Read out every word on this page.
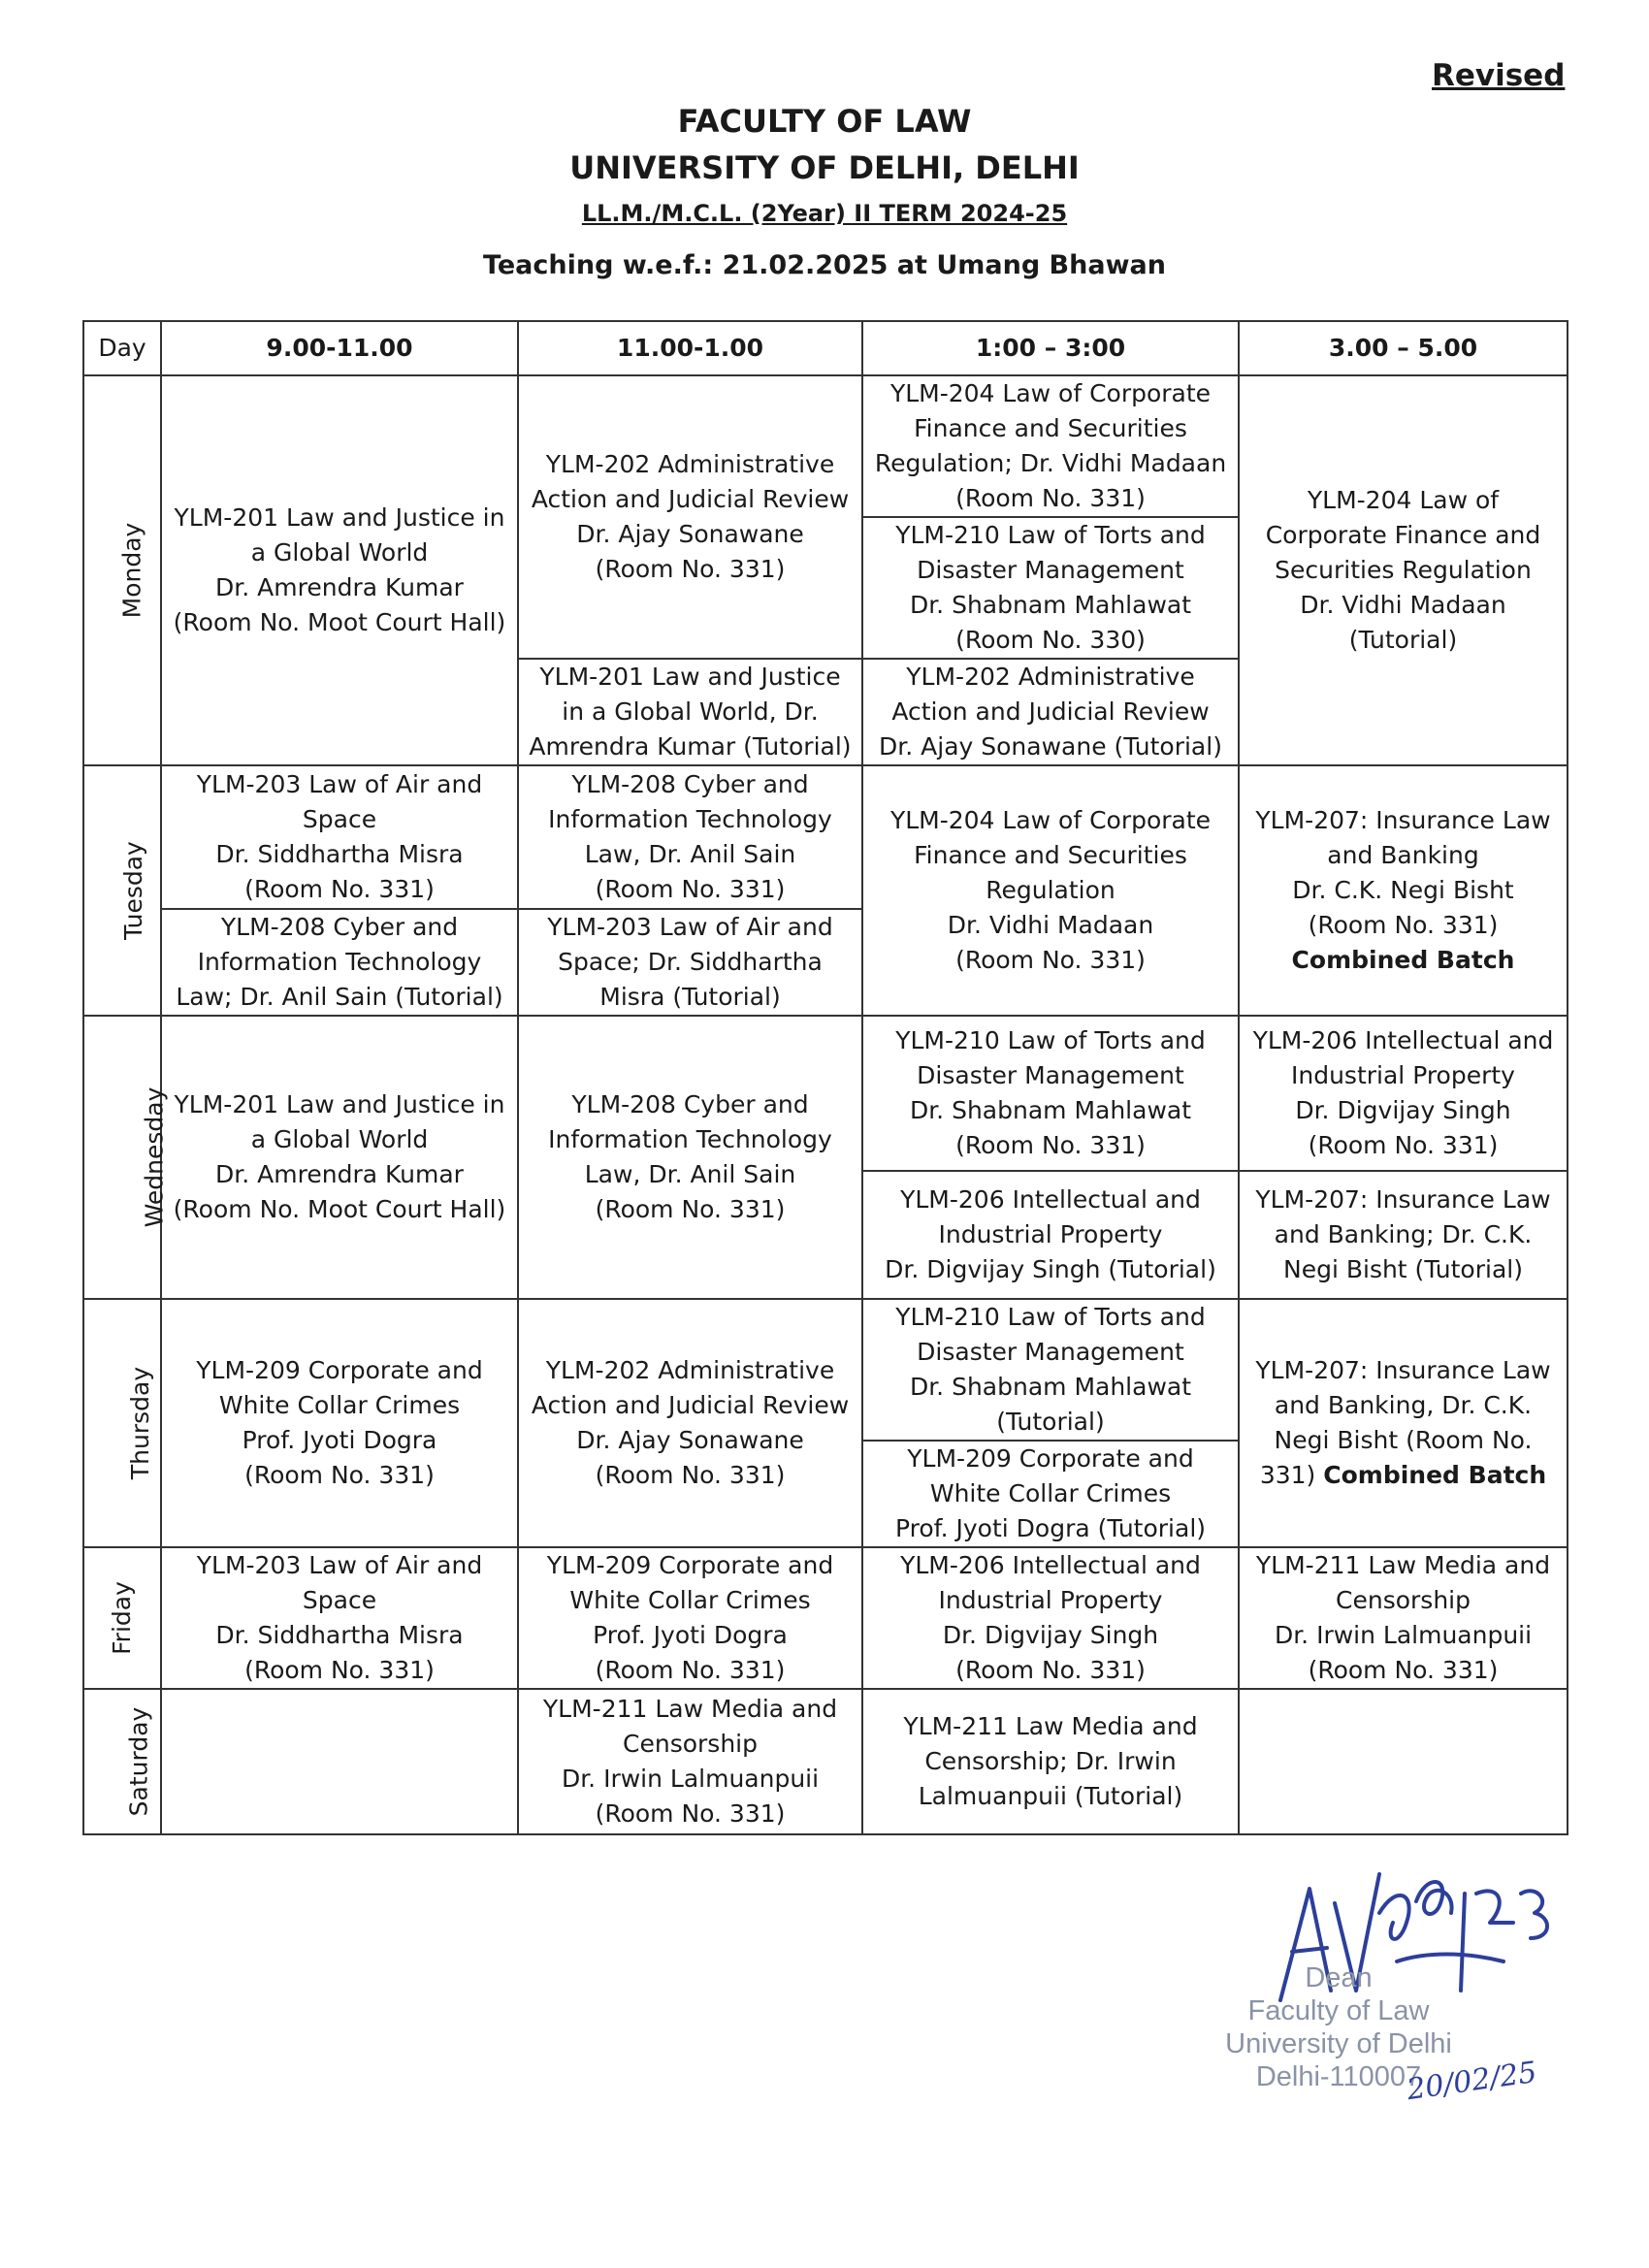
Revised
FACULTY OF LAW
UNIVERSITY OF DELHI, DELHI
LL.M./M.C.L. (2Year) II TERM 2024-25
Teaching w.e.f.: 21.02.2025 at Umang Bhawan
Day	9.00-11.00	11.00-1.00	1:00 – 3:00	3.00 – 5.00
Monday	YLM-201 Law and Justice in
a Global World
Dr. Amrendra Kumar
(Room No. Moot Court Hall)	YLM-202 Administrative
Action and Judicial Review
Dr. Ajay Sonawane
(Room No. 331)	YLM-204 Law of Corporate
Finance and Securities
Regulation; Dr. Vidhi Madaan
(Room No. 331)	YLM-204 Law of
Corporate Finance and
Securities Regulation
Dr. Vidhi Madaan
(Tutorial)

			YLM-210 Law of Torts and
Disaster Management
Dr. Shabnam Mahlawat
(Room No. 330)	

		YLM-201 Law and Justice
in a Global World, Dr.
Amrendra Kumar (Tutorial)	YLM-202 Administrative
Action and Judicial Review
Dr. Ajay Sonawane (Tutorial)	

Tuesday	YLM-203 Law of Air and
Space
Dr. Siddhartha Misra
(Room No. 331)	YLM-208 Cyber and
Information Technology
Law, Dr. Anil Sain
(Room No. 331)	YLM-204 Law of Corporate
Finance and Securities
Regulation
Dr. Vidhi Madaan
(Room No. 331)	YLM-207: Insurance Law
and Banking
Dr. C.K. Negi Bisht
(Room No. 331)
Combined Batch

	YLM-208 Cyber and
Information Technology
Law; Dr. Anil Sain (Tutorial)	YLM-203 Law of Air and
Space; Dr. Siddhartha
Misra (Tutorial)		

Wednesday	YLM-201 Law and Justice in
a Global World
Dr. Amrendra Kumar
(Room No. Moot Court Hall)	YLM-208 Cyber and
Information Technology
Law, Dr. Anil Sain
(Room No. 331)	YLM-210 Law of Torts and
Disaster Management
Dr. Shabnam Mahlawat
(Room No. 331)	YLM-206 Intellectual and
Industrial Property
Dr. Digvijay Singh
(Room No. 331)

			YLM-206 Intellectual and
Industrial Property
Dr. Digvijay Singh (Tutorial)	YLM-207: Insurance Law
and Banking; Dr. C.K.
Negi Bisht (Tutorial)

Thursday	YLM-209 Corporate and
White Collar Crimes
Prof. Jyoti Dogra
(Room No. 331)	YLM-202 Administrative
Action and Judicial Review
Dr. Ajay Sonawane
(Room No. 331)	YLM-210 Law of Torts and
Disaster Management
Dr. Shabnam Mahlawat
(Tutorial)	YLM-207: Insurance Law
and Banking, Dr. C.K.
Negi Bisht (Room No.
331) Combined Batch

			YLM-209 Corporate and
White Collar Crimes
Prof. Jyoti Dogra (Tutorial)	

Friday	YLM-203 Law of Air and
Space
Dr. Siddhartha Misra
(Room No. 331)	YLM-209 Corporate and
White Collar Crimes
Prof. Jyoti Dogra
(Room No. 331)	YLM-206 Intellectual and
Industrial Property
Dr. Digvijay Singh
(Room No. 331)	YLM-211 Law Media and
Censorship
Dr. Irwin Lalmuanpuii
(Room No. 331)

Saturday		YLM-211 Law Media and
Censorship
Dr. Irwin Lalmuanpuii
(Room No. 331)	YLM-211 Law Media and
Censorship; Dr. Irwin
Lalmuanpuii (Tutorial)	

Dean
Faculty of Law
University of Delhi
Delhi-110007
20/02/25
